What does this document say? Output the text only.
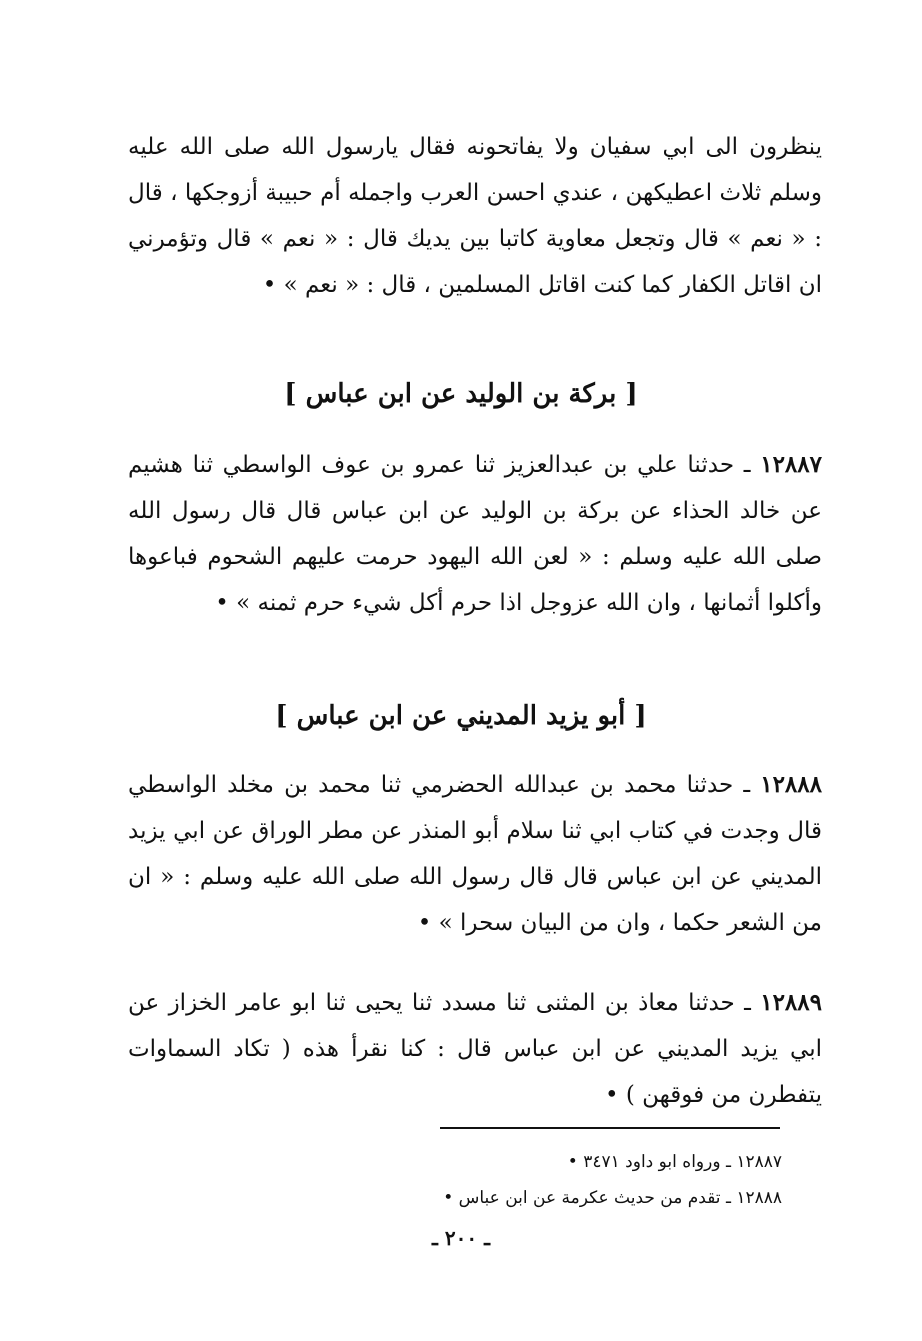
ينظرون الى ابي سفيان ولا يفاتحونه فقال يارسول الله صلى الله عليه وسلم ثلاث اعطيكهن ، عندي احسن العرب واجمله أم حبيبة أزوجكها ، قال : « نعم » قال وتجعل معاوية كاتبا بين يديك قال : « نعم » قال وتؤمرني ان اقاتل الكفار كما كنت اقاتل المسلمين ، قال : « نعم » •
[ بركة بن الوليد عن ابن عباس ]
١٢٨٨٧ ـ حدثنا علي بن عبدالعزيز ثنا عمرو بن عوف الواسطي ثنا هشيم عن خالد الحذاء عن بركة بن الوليد عن ابن عباس قال قال رسول الله صلى الله عليه وسلم : « لعن الله اليهود حرمت عليهم الشحوم فباعوها وأكلوا أثمانها ، وان الله عزوجل اذا حرم أكل شيء حرم ثمنه » •
[ أبو يزيد المديني عن ابن عباس ]
١٢٨٨٨ ـ حدثنا محمد بن عبدالله الحضرمي ثنا محمد بن مخلد الواسطي قال وجدت في كتاب ابي ثنا سلام أبو المنذر عن مطر الوراق عن ابي يزيد المديني عن ابن عباس قال قال رسول الله صلى الله عليه وسلم : « ان من الشعر حكما ، وان من البيان سحرا » •
١٢٨٨٩ ـ حدثنا معاذ بن المثنى ثنا مسدد ثنا يحيى ثنا ابو عامر الخزاز عن ابي يزيد المديني عن ابن عباس قال : كنا نقرأ هذه ( تكاد السماوات يتفطرن من فوقهن ) •
١٢٨٨٧ ـ ورواه ابو داود ٣٤٧١ •
١٢٨٨٨ ـ تقدم من حديث عكرمة عن ابن عباس •
ـ ٢٠٠ ـ
